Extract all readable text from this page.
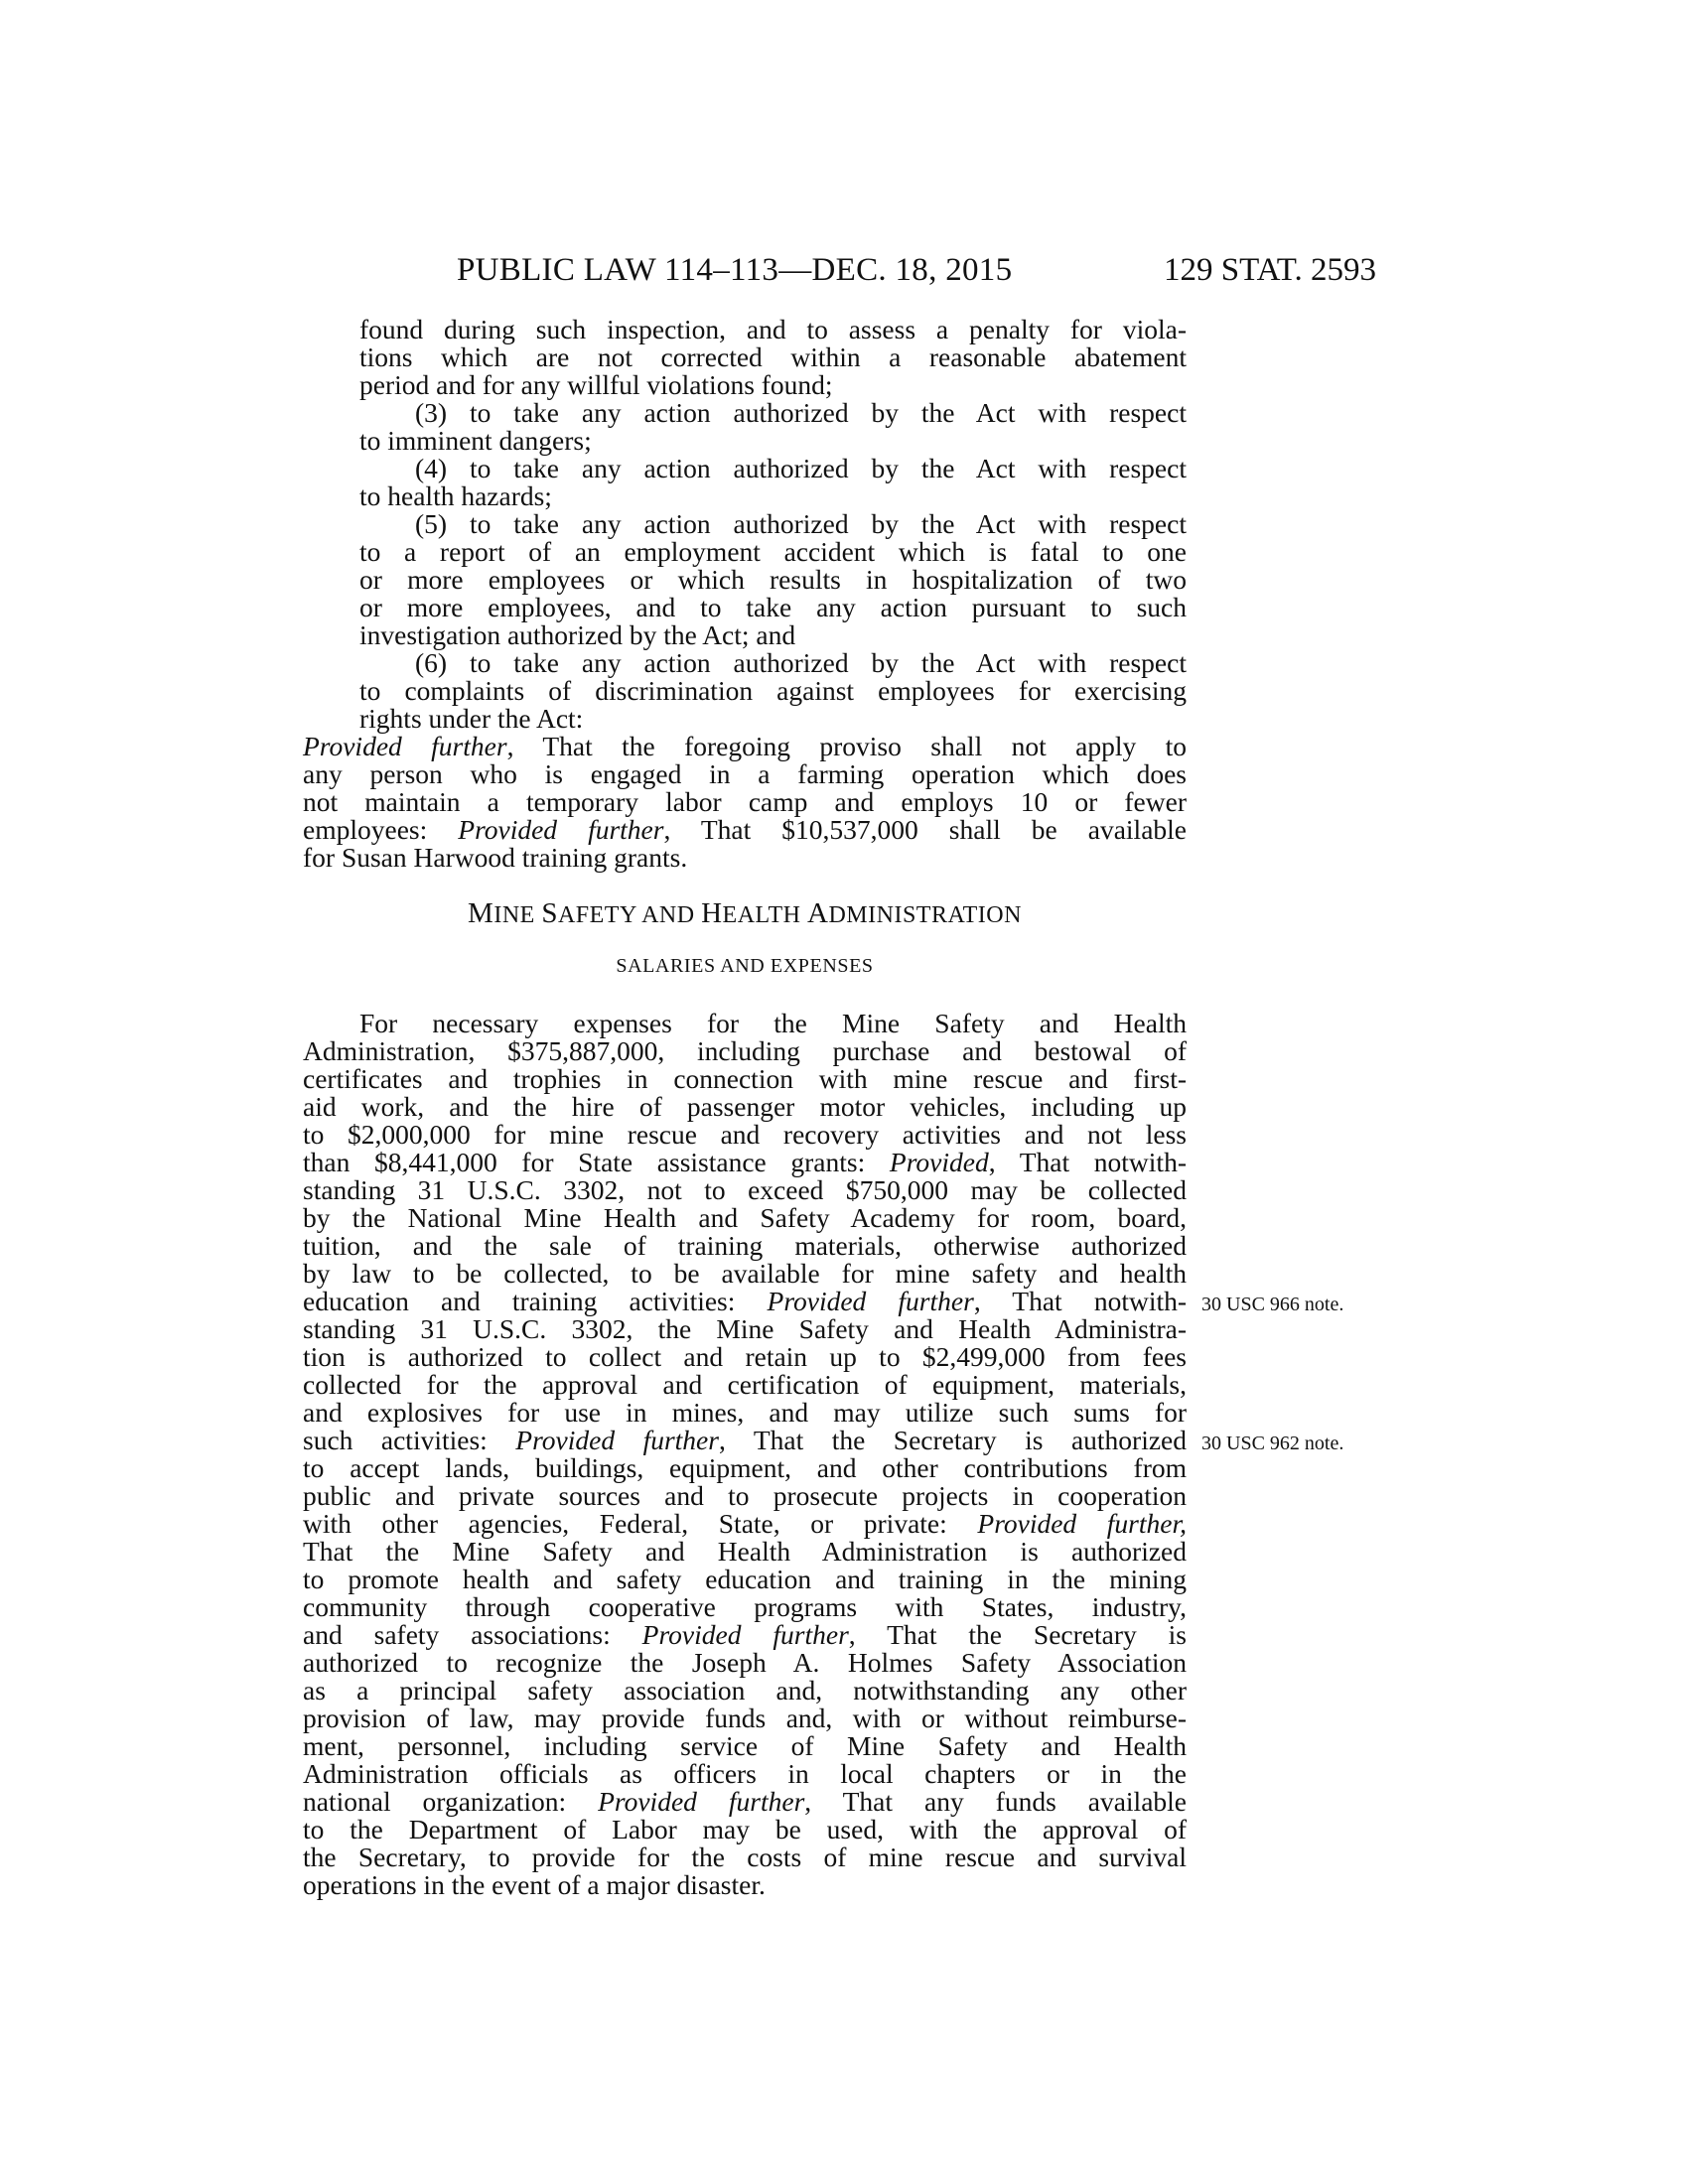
PUBLIC LAW 114–113—DEC. 18, 2015	129 STAT. 2593
found during such inspection, and to assess a penalty for viola-
tions which are not corrected within a reasonable abatement
period and for any willful violations found;
(3) to take any action authorized by the Act with respect
to imminent dangers;
(4) to take any action authorized by the Act with respect
to health hazards;
(5) to take any action authorized by the Act with respect
to a report of an employment accident which is fatal to one
or more employees or which results in hospitalization of two
or more employees, and to take any action pursuant to such
investigation authorized by the Act; and
(6) to take any action authorized by the Act with respect
to complaints of discrimination against employees for exercising
rights under the Act:
Provided further, That the foregoing proviso shall not apply to
any person who is engaged in a farming operation which does
not maintain a temporary labor camp and employs 10 or fewer
employees: Provided further, That $10,537,000 shall be available
for Susan Harwood training grants.
MINE SAFETY AND HEALTH ADMINISTRATION
SALARIES AND EXPENSES
For necessary expenses for the Mine Safety and Health
Administration, $375,887,000, including purchase and bestowal of
certificates and trophies in connection with mine rescue and first-
aid work, and the hire of passenger motor vehicles, including up
to $2,000,000 for mine rescue and recovery activities and not less
than $8,441,000 for State assistance grants: Provided, That notwith-
standing 31 U.S.C. 3302, not to exceed $750,000 may be collected
by the National Mine Health and Safety Academy for room, board,
tuition, and the sale of training materials, otherwise authorized
by law to be collected, to be available for mine safety and health
education and training activities: Provided further, That notwith-
standing 31 U.S.C. 3302, the Mine Safety and Health Administra-
tion is authorized to collect and retain up to $2,499,000 from fees
collected for the approval and certification of equipment, materials,
and explosives for use in mines, and may utilize such sums for
such activities: Provided further, That the Secretary is authorized
to accept lands, buildings, equipment, and other contributions from
public and private sources and to prosecute projects in cooperation
with other agencies, Federal, State, or private: Provided further,
That the Mine Safety and Health Administration is authorized
to promote health and safety education and training in the mining
community through cooperative programs with States, industry,
and safety associations: Provided further, That the Secretary is
authorized to recognize the Joseph A. Holmes Safety Association
as a principal safety association and, notwithstanding any other
provision of law, may provide funds and, with or without reimburse-
ment, personnel, including service of Mine Safety and Health
Administration officials as officers in local chapters or in the
national organization: Provided further, That any funds available
to the Department of Labor may be used, with the approval of
the Secretary, to provide for the costs of mine rescue and survival
operations in the event of a major disaster.
30 USC 966 note.
30 USC 962 note.
